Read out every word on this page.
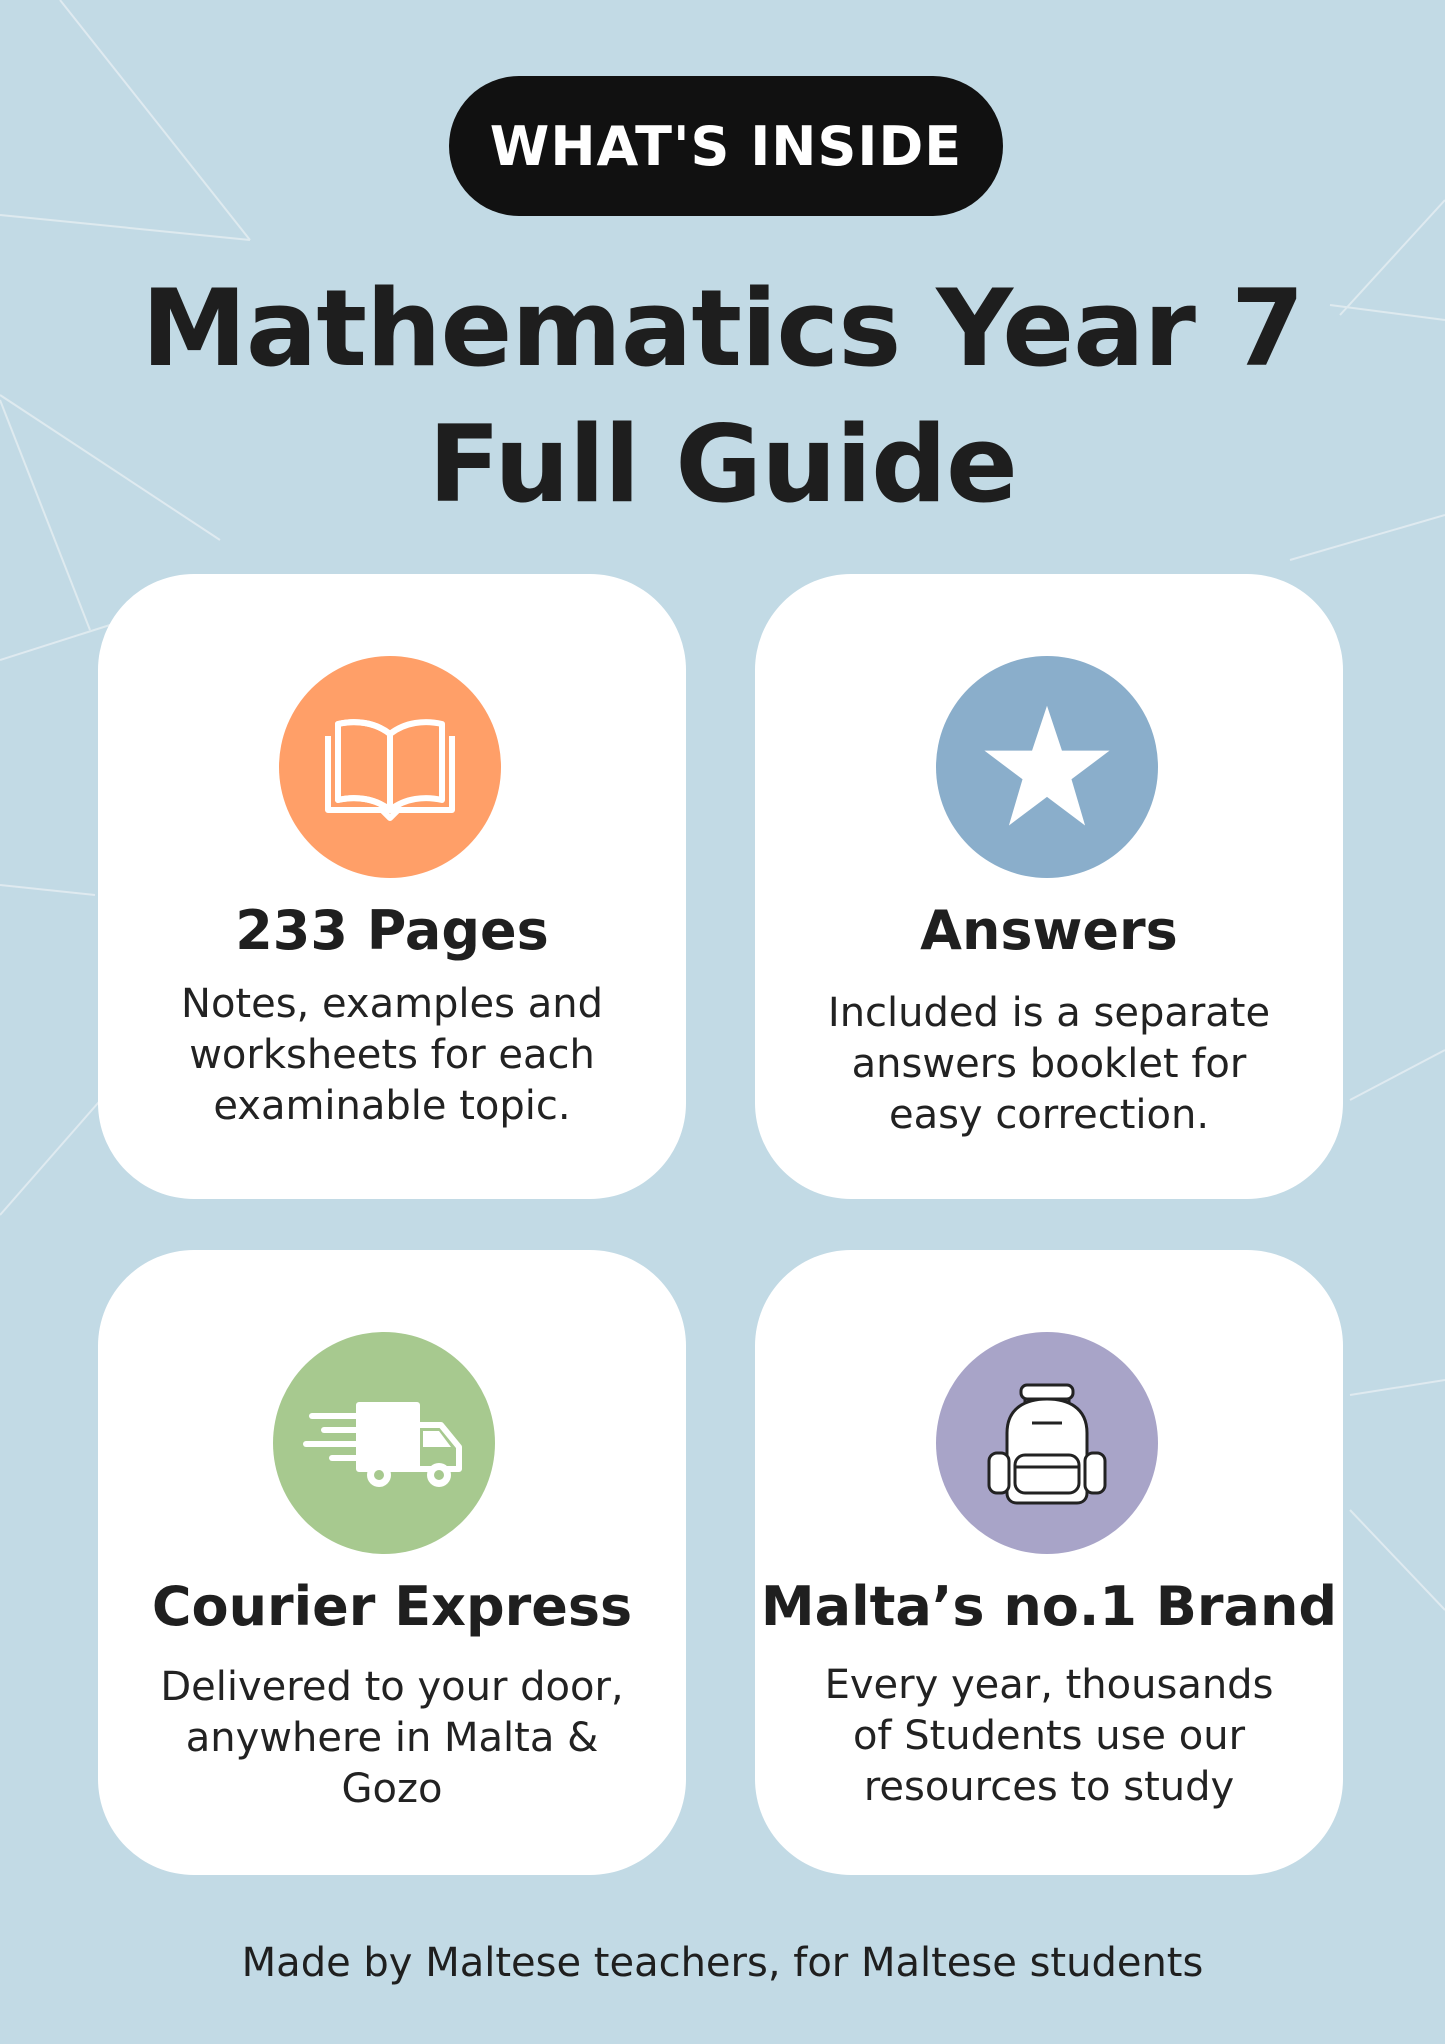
WHAT'S INSIDE
Mathematics Year 7
Full Guide
233 Pages
Notes, examples and
worksheets for each
examinable topic.
Answers
Included is a separate
answers booklet for
easy correction.
Courier Express
Delivered to your door,
anywhere in Malta &
Gozo
Malta’s no.1 Brand
Every year, thousands
of Students use our
resources to study
Made by Maltese teachers, for Maltese students
